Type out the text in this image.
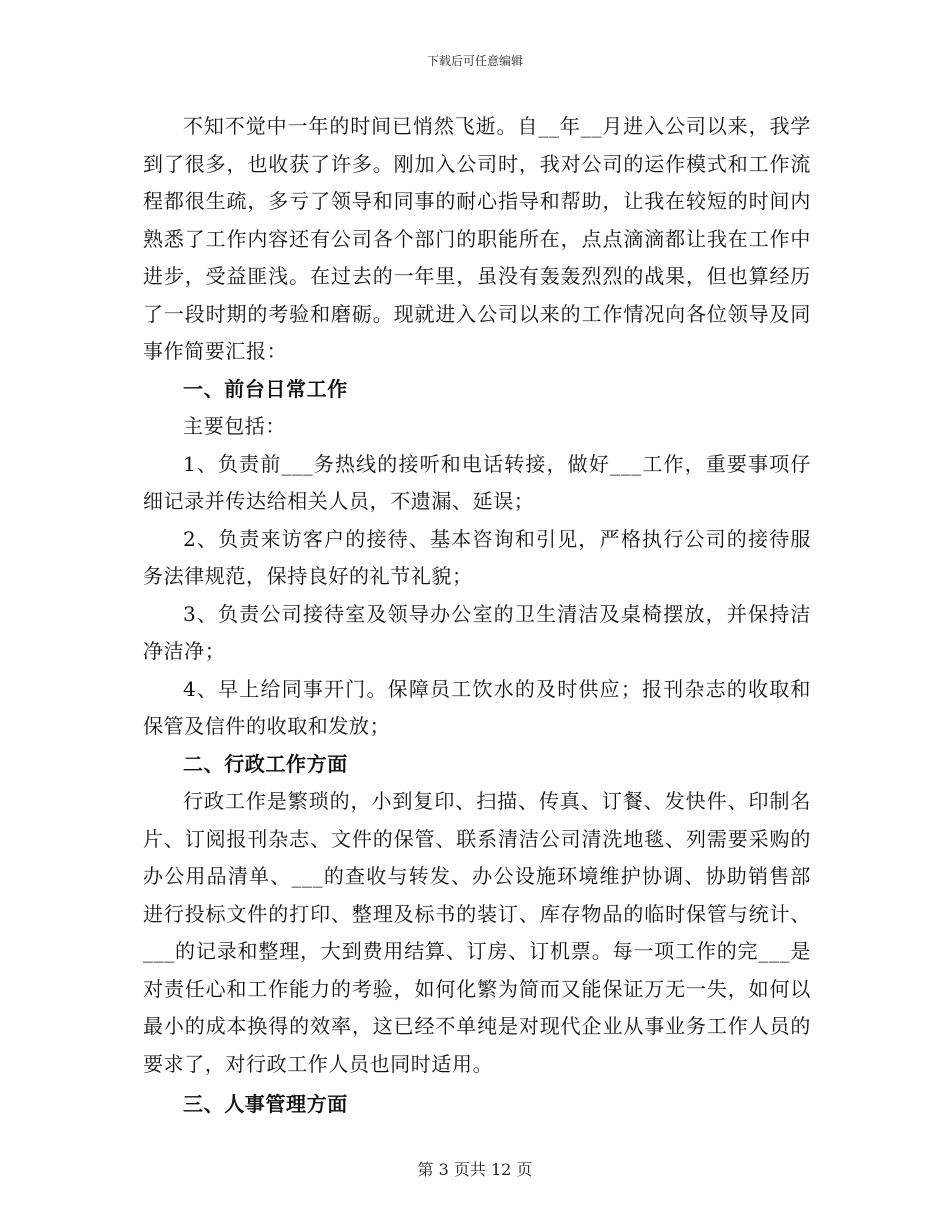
下载后可任意编辑

不知不觉中一年的时间已悄然飞逝。自__年__月进入公司以来，我学到了很多，也收获了许多。刚加入公司时，我对公司的运作模式和工作流程都很生疏，多亏了领导和同事的耐心指导和帮助，让我在较短的时间内熟悉了工作内容还有公司各个部门的职能所在，点点滴滴都让我在工作中进步，受益匪浅。在过去的一年里，虽没有轰轰烈烈的战果，但也算经历了一段时期的考验和磨砺。现就进入公司以来的工作情况向各位领导及同事作简要汇报：

一、前台日常工作

主要包括：

1、负责前___务热线的接听和电话转接，做好___工作，重要事项仔细记录并传达给相关人员，不遗漏、延误；

2、负责来访客户的接待、基本咨询和引见，严格执行公司的接待服务法律规范，保持良好的礼节礼貌；

3、负责公司接待室及领导办公室的卫生清洁及桌椅摆放，并保持洁净洁净；

4、早上给同事开门。保障员工饮水的及时供应；报刊杂志的收取和保管及信件的收取和发放；

二、行政工作方面

行政工作是繁琐的，小到复印、扫描、传真、订餐、发快件、印制名片、订阅报刊杂志、文件的保管、联系清洁公司清洗地毯、列需要采购的办公用品清单、___的查收与转发、办公设施环境维护协调、协助销售部进行投标文件的打印、整理及标书的装订、库存物品的临时保管与统计、___的记录和整理，大到费用结算、订房、订机票。每一项工作的完___是对责任心和工作能力的考验，如何化繁为简而又能保证万无一失，如何以最小的成本换得的效率，这已经不单纯是对现代企业从事业务工作人员的要求了，对行政工作人员也同时适用。

三、人事管理方面

第 3 页共 12 页
